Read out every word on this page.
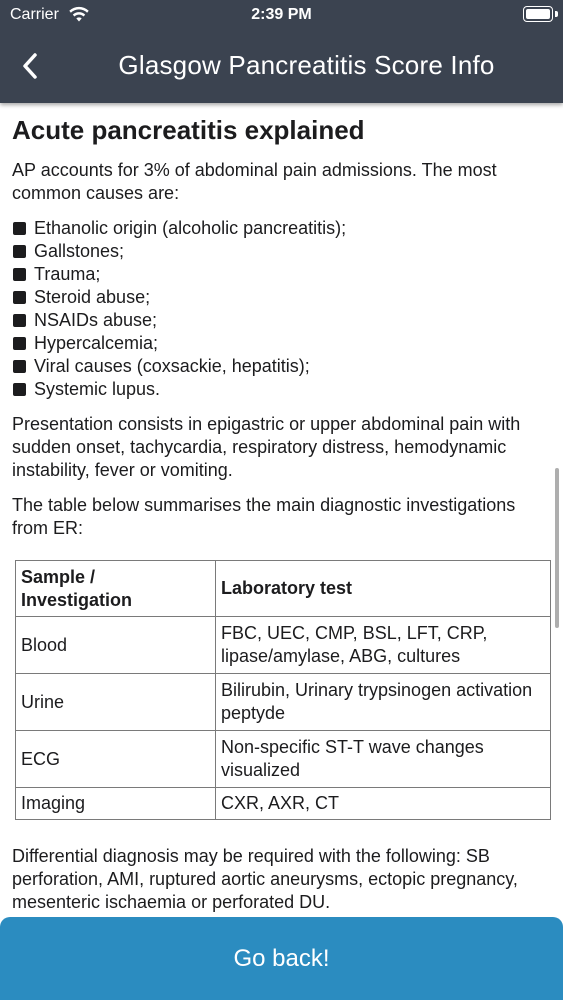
Carrier	2:39 PM
Glasgow Pancreatitis Score Info
Acute pancreatitis explained

AP accounts for 3% of abdominal pain admissions. The most common causes are:

Ethanolic origin (alcoholic pancreatitis);
Gallstones;
Trauma;
Steroid abuse;
NSAIDs abuse;
Hypercalcemia;
Viral causes (coxsackie, hepatitis);
Systemic lupus.

Presentation consists in epigastric or upper abdominal pain with sudden onset, tachycardia, respiratory distress, hemodynamic instability, fever or vomiting.

The table below summarises the main diagnostic investigations from ER:

Sample / Investigation	Laboratory test
Blood	FBC, UEC, CMP, BSL, LFT, CRP, lipase/amylase, ABG, cultures
Urine	Bilirubin, Urinary trypsinogen activation peptyde
ECG	Non-specific ST-T wave changes visualized
Imaging	CXR, AXR, CT

Differential diagnosis may be required with the following: SB perforation, AMI, ruptured aortic aneurysms, ectopic pregnancy, mesenteric ischaemia or perforated DU.

Go back!
